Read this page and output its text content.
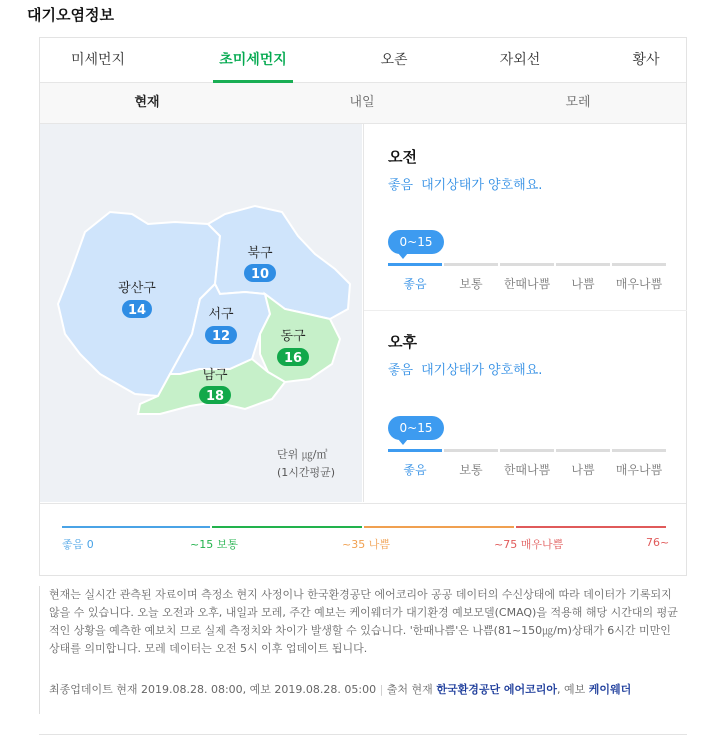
대기오염정보
미세먼지	초미세먼지	오존	자외선	황사
현재	내일	모레
광산구
14
북구
10
서구
12	동구
16
남구
18
단위 ㎍/㎥
(1시간평균)
오전
좋음 대기상태가 양호해요.
0~15
좋음	보통	한때나쁨	나쁨	매우나쁨
오후
좋음 대기상태가 양호해요.
0~15
좋음	보통	한때나쁨	나쁨	매우나쁨
좋음 0	~15 보통	~35 나쁨	~75 매우나쁨	76~

현재는 실시간 관측된 자료이며 측정소 현지 사정이나 한국환경공단 에어코리아 공공 데이터의 수신상태에 따라 데이터가 기록되지 않을 수 있습니다. 오늘 오전과 오후, 내일과 모레, 주간 예보는 케이웨더가 대기환경 예보모델(CMAQ)을 적용해 해당 시간대의 평균적인 상황을 예측한 예보치 므로 실제 측정치와 차이가 발생할 수 있습니다. '한때나쁨'은 나쁨(81~150㎍/m)상태가 6시간 미만인 상태를 의미합니다. 모레 데이터는 오전 5시 이후 업데이트 됩니다.

최종업데이트 현재 2019.08.28. 08:00, 예보 2019.08.28. 05:00 | 출처 현재 한국환경공단 에어코리아, 예보 케이웨더
